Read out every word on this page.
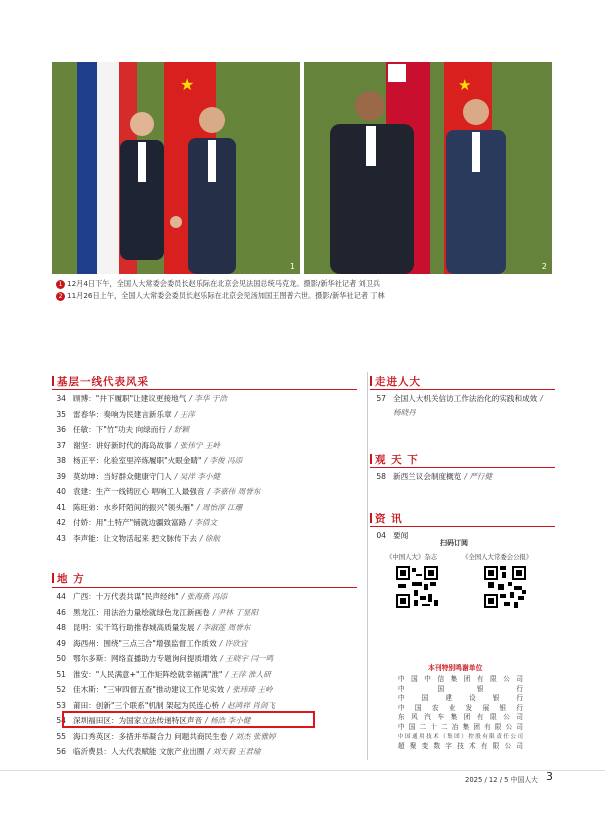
★
1
★
2
1 12月4日下午，全国人大常委会委员长赵乐际在北京会见法国总统马克龙。摄影/新华社记者 刘卫兵
2 11月26日上午，全国人大常委会委员长赵乐际在北京会见汤加国王图普六世。摄影/新华社记者 丁林
基层一线代表风采
34 顾博："井下履职"让建议更接地气 / 李华 于浩
35 雷春华：奏响为民建言新乐章 / 王萍
36 任敏：下"竹"功夫 向绿而行 / 舒颖
37 谢坚：讲好新时代的海岛故事 / 张伟宁 王岭
38 杨正平：化验室里淬炼履职"火眼金睛" / 李俊 冯添
39 莫幼坤：当好群众健康守门人 / 吴洋 李小健
40 袁建：生产一线铸匠心 唱响工人最强音 / 李嘉伟 周誉东
41 陈旺弟：水乡阡陌间的振兴"领头雁" / 周怡淳 江珊
42 付娇：用"土特产"铺就边疆致富路 / 李倩文
43 李声能：让文物活起来 把文脉传下去 / 徐航
地 方
44 广西：十万代表共谋"民声经纬" / 张海燕 冯添
46 黑龙江：用法治力量绘就绿色龙江新画卷 / 尹林 丁显阳
48 昆明：实干笃行助推春城高质量发展 / 李淑莲 周誉东
49 海西州：围绕"三点三合"增强监督工作质效 / 许欣宜
50 鄂尔多斯：网络直播助力专题询问提质增效 / 王晓宇 闫一鸣
51 淮安："人民满意+"工作矩阵绘就幸福满"淮" / 王萍 淮人研
52 佳木斯："三审四督五查"推动建议工作见实效 / 张玮琦 王岭
53 莆田：创新"三个联系"机制 架起为民连心桥 / 赵鸿祥 肖剑飞
54 深圳福田区：为国家立法传递特区声音 / 杨浩 李小健
55 海口秀英区：多措并举凝合力 问题共商民生卷 / 刘杰 张雅婷
56 临沂费县：人大代表赋能 文旅产业出圈 / 刘天毅 王君瑜
走进人大
57 全国人大机关信访工作法治化的实践和成效 / 杨晓丹
观 天 下
58 新西兰议会制度概览 / 严行健
资 讯
04 要闻
扫码订阅
《中国人大》杂志	《全国人大常委会公报》
本刊特别鸣谢单位
中国中信集团有限公司
中国银行
中国建设银行
中国农业发展银行
东风汽车集团有限公司
中国二十二冶集团有限公司
中国通用技术（集团）控股有限责任公司
超聚变数字技术有限公司
2025 / 12 / 5 中国人大 3
